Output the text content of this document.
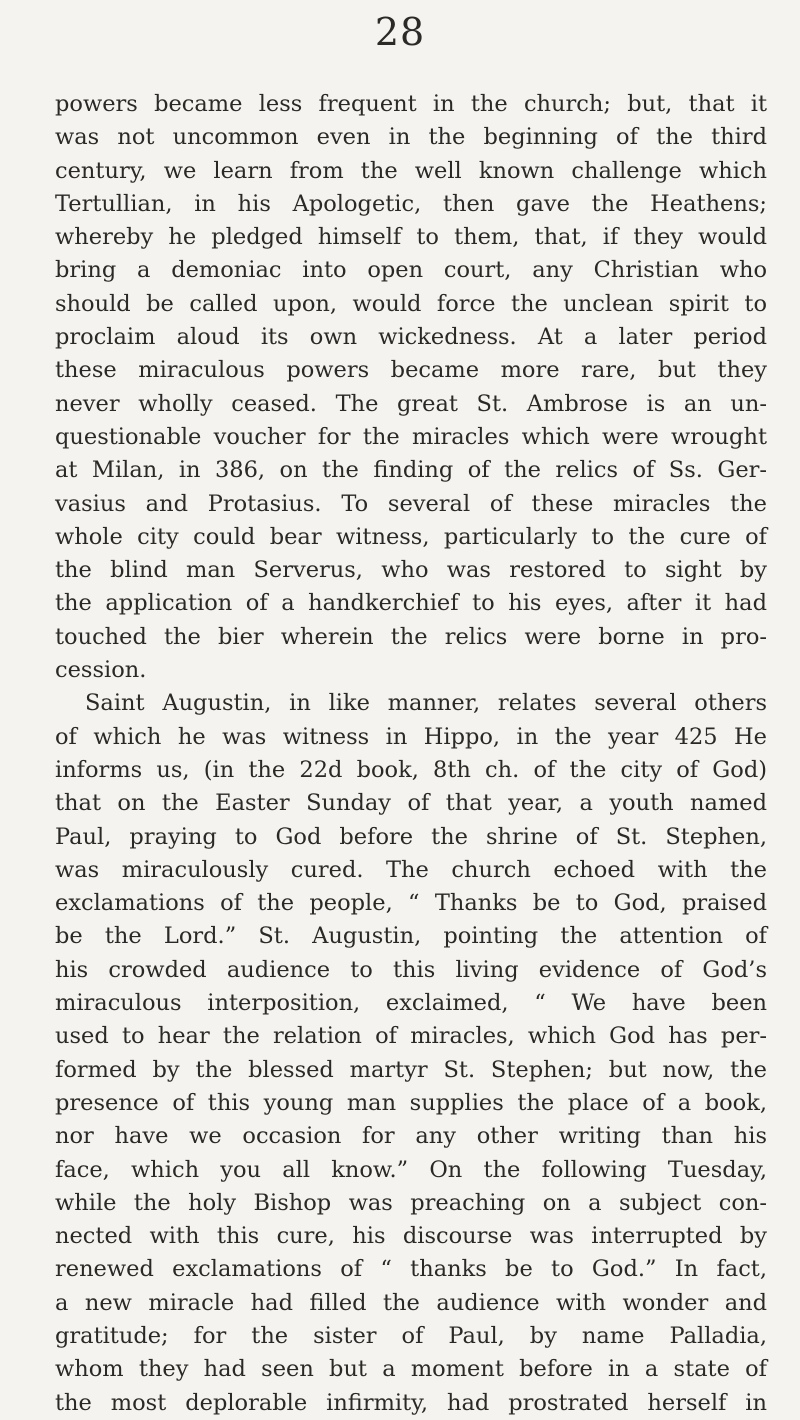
28
powers became less frequent in the church; but, that it
was not uncommon even in the beginning of the third
century, we learn from the well known challenge which
Tertullian, in his Apologetic, then gave the Heathens;
whereby he pledged himself to them, that, if they would
bring a demoniac into open court, any Christian who
should be called upon, would force the unclean spirit to
proclaim aloud its own wickedness. At a later period
these miraculous powers became more rare, but they
never wholly ceased. The great St. Ambrose is an un-
questionable voucher for the miracles which were wrought
at Milan, in 386, on the finding of the relics of Ss. Ger-
vasius and Protasius. To several of these miracles the
whole city could bear witness, particularly to the cure of
the blind man Serverus, who was restored to sight by
the application of a handkerchief to his eyes, after it had
touched the bier wherein the relics were borne in pro-
cession.
Saint Augustin, in like manner, relates several others
of which he was witness in Hippo, in the year 425 He
informs us, (in the 22d book, 8th ch. of the city of God)
that on the Easter Sunday of that year, a youth named
Paul, praying to God before the shrine of St. Stephen,
was miraculously cured. The church echoed with the
exclamations of the people, “ Thanks be to God, praised
be the Lord.” St. Augustin, pointing the attention of
his crowded audience to this living evidence of God’s
miraculous interposition, exclaimed, “ We have been
used to hear the relation of miracles, which God has per-
formed by the blessed martyr St. Stephen; but now, the
presence of this young man supplies the place of a book,
nor have we occasion for any other writing than his
face, which you all know.” On the following Tuesday,
while the holy Bishop was preaching on a subject con-
nected with this cure, his discourse was interrupted by
renewed exclamations of “ thanks be to God.” In fact,
a new miracle had filled the audience with wonder and
gratitude; for the sister of Paul, by name Palladia,
whom they had seen but a moment before in a state of
the most deplorable infirmity, had prostrated herself in
